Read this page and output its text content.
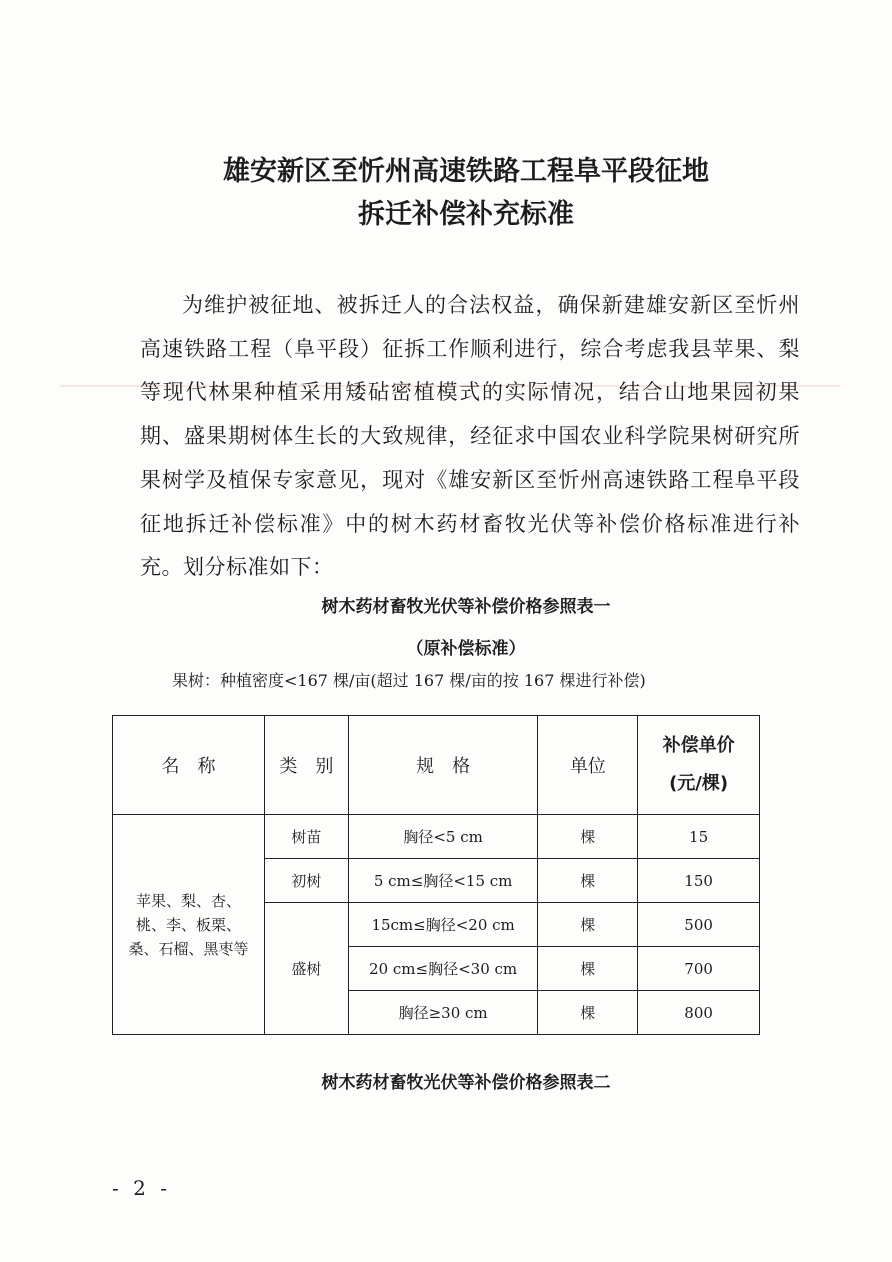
雄安新区至忻州高速铁路工程阜平段征地
拆迁补偿补充标准
为维护被征地、被拆迁人的合法权益，确保新建雄安新区至忻州高速铁路工程（阜平段）征拆工作顺利进行，综合考虑我县苹果、梨等现代林果种植采用矮砧密植模式的实际情况，结合山地果园初果期、盛果期树体生长的大致规律，经征求中国农业科学院果树研究所果树学及植保专家意见，现对《雄安新区至忻州高速铁路工程阜平段征地拆迁补偿标准》中的树木药材畜牧光伏等补偿价格标准进行补充。划分标准如下：
树木药材畜牧光伏等补偿价格参照表一
（原补偿标准）
果树：种植密度<167 棵/亩(超过 167 棵/亩的按 167 棵进行补偿)
名　称	类　别	规　格	单位	补偿单价
(元/棵)

苹果、梨、杏、桃、李、板栗、桑、石榴、黑枣等	树苗	胸径<5 cm	棵	15
	初树	5 cm≤胸径<15 cm	棵	150
	盛树	15cm≤胸径<20 cm	棵	500
		20 cm≤胸径<30 cm	棵	700
		胸径≥30 cm	棵	800
树木药材畜牧光伏等补偿价格参照表二
- 2 -
